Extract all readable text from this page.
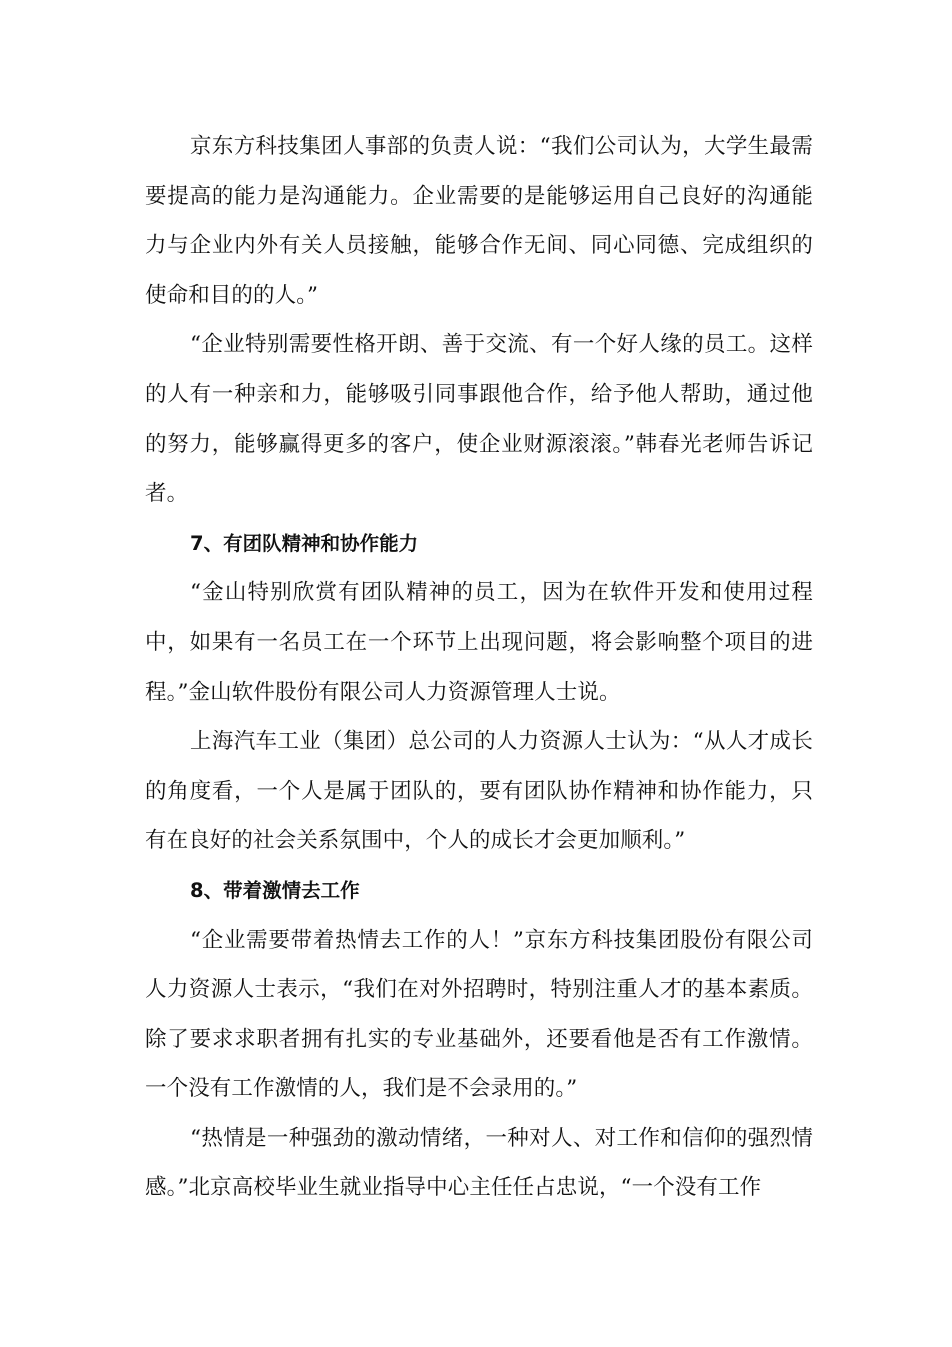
京东方科技集团人事部的负责人说：“我们公司认为，大学生最需要提高的能力是沟通能力。企业需要的是能够运用自己良好的沟通能力与企业内外有关人员接触，能够合作无间、同心同德、完成组织的使命和目的的人。”

“企业特别需要性格开朗、善于交流、有一个好人缘的员工。这样的人有一种亲和力，能够吸引同事跟他合作，给予他人帮助，通过他的努力，能够赢得更多的客户，使企业财源滚滚。”韩春光老师告诉记者。

7、有团队精神和协作能力

“金山特别欣赏有团队精神的员工，因为在软件开发和使用过程中，如果有一名员工在一个环节上出现问题，将会影响整个项目的进程。”金山软件股份有限公司人力资源管理人士说。

上海汽车工业（集团）总公司的人力资源人士认为：“从人才成长的角度看，一个人是属于团队的，要有团队协作精神和协作能力，只有在良好的社会关系氛围中，个人的成长才会更加顺利。”

8、带着激情去工作

“企业需要带着热情去工作的人！”京东方科技集团股份有限公司人力资源人士表示，“我们在对外招聘时，特别注重人才的基本素质。除了要求求职者拥有扎实的专业基础外，还要看他是否有工作激情。一个没有工作激情的人，我们是不会录用的。”

“热情是一种强劲的激动情绪，一种对人、对工作和信仰的强烈情感。”北京高校毕业生就业指导中心主任任占忠说，“一个没有工作
